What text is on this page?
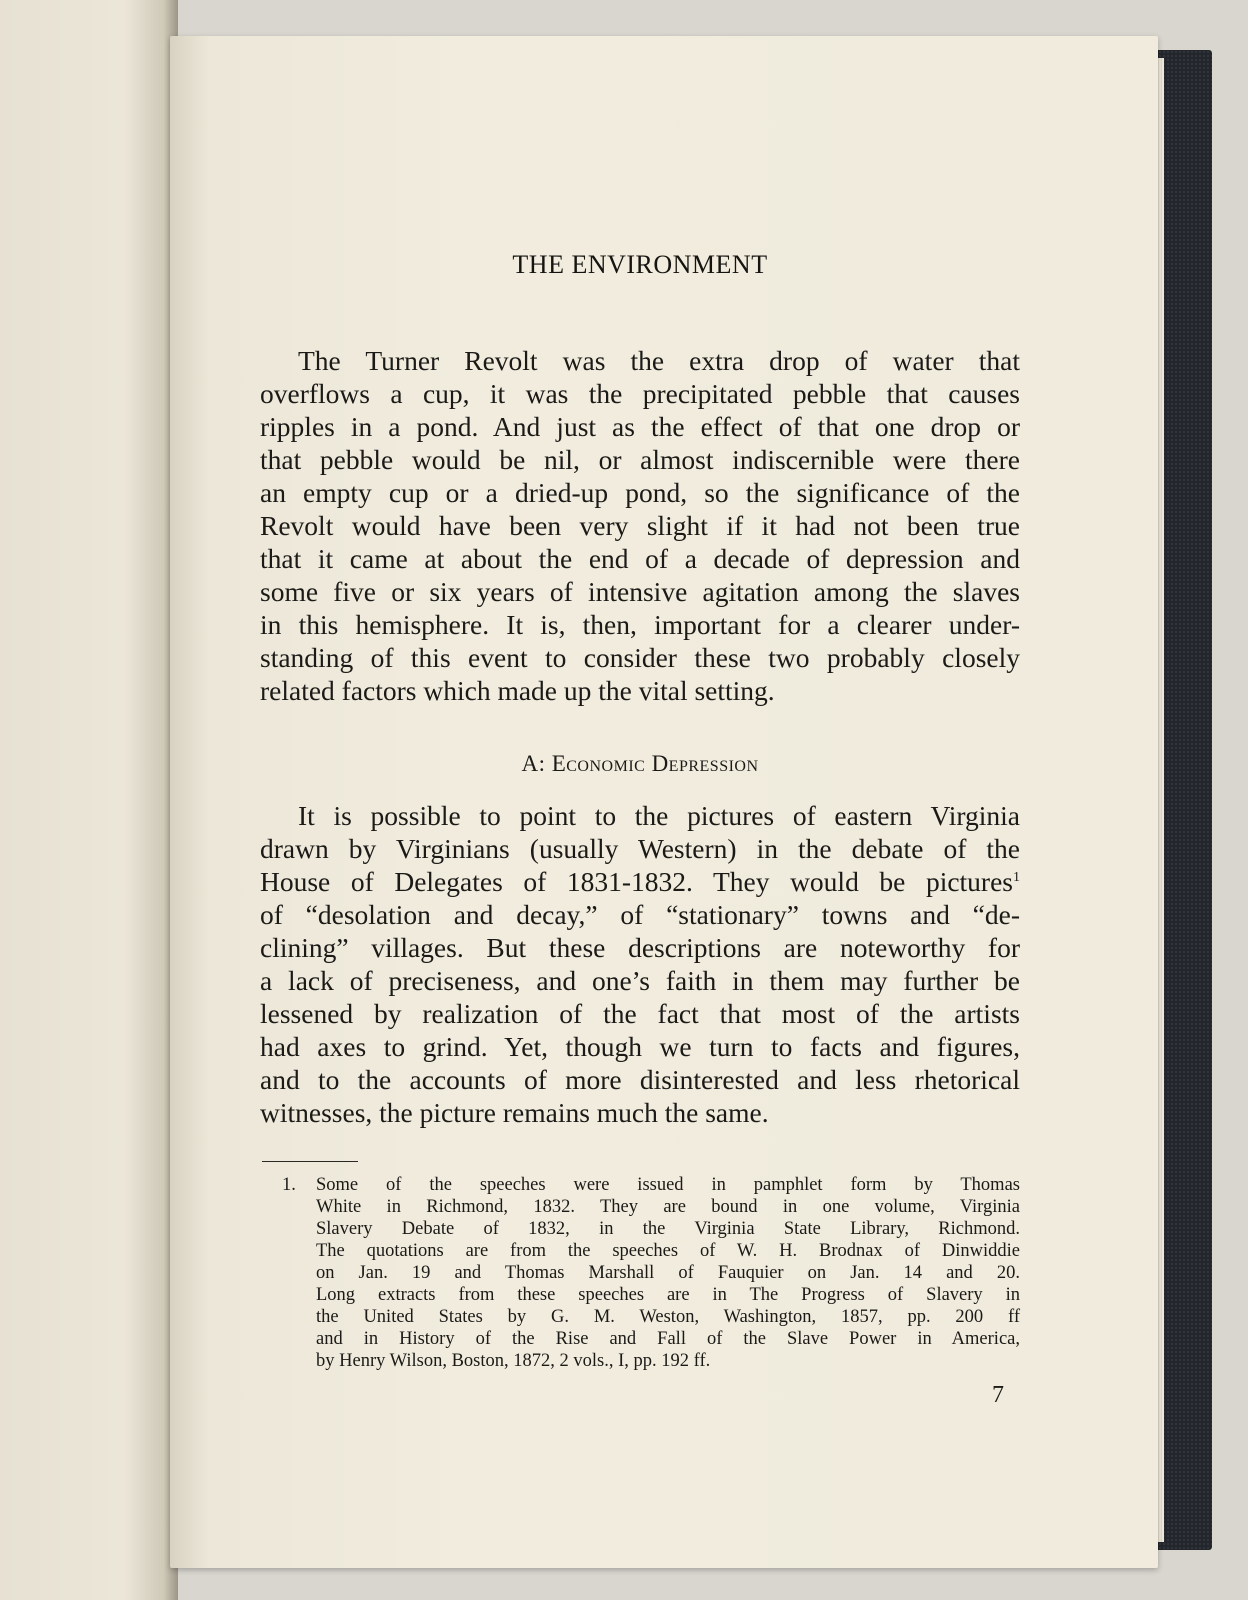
THE ENVIRONMENT

The Turner Revolt was the extra drop of water that
overflows a cup, it was the precipitated pebble that causes
ripples in a pond. And just as the effect of that one drop or
that pebble would be nil, or almost indiscernible were there
an empty cup or a dried-up pond, so the significance of the
Revolt would have been very slight if it had not been true
that it came at about the end of a decade of depression and
some five or six years of intensive agitation among the slaves
in this hemisphere. It is, then, important for a clearer under-
standing of this event to consider these two probably closely
related factors which made up the vital setting.

A: Economic Depression

It is possible to point to the pictures of eastern Virginia
drawn by Virginians (usually Western) in the debate of the
House of Delegates of 1831-1832. They would be pictures$^1$
of “desolation and decay,” of “stationary” towns and “de-
clining” villages. But these descriptions are noteworthy for
a lack of preciseness, and one’s faith in them may further be
lessened by realization of the fact that most of the artists
had axes to grind. Yet, though we turn to facts and figures,
and to the accounts of more disinterested and less rhetorical
witnesses, the picture remains much the same.

1. Some of the speeches were issued in pamphlet form by Thomas
White in Richmond, 1832. They are bound in one volume, Virginia
Slavery Debate of 1832, in the Virginia State Library, Richmond.
The quotations are from the speeches of W. H. Brodnax of Dinwiddie
on Jan. 19 and Thomas Marshall of Fauquier on Jan. 14 and 20.
Long extracts from these speeches are in The Progress of Slavery in
the United States by G. M. Weston, Washington, 1857, pp. 200 ff
and in History of the Rise and Fall of the Slave Power in America,
by Henry Wilson, Boston, 1872, 2 vols., I, pp. 192 ff.
7
